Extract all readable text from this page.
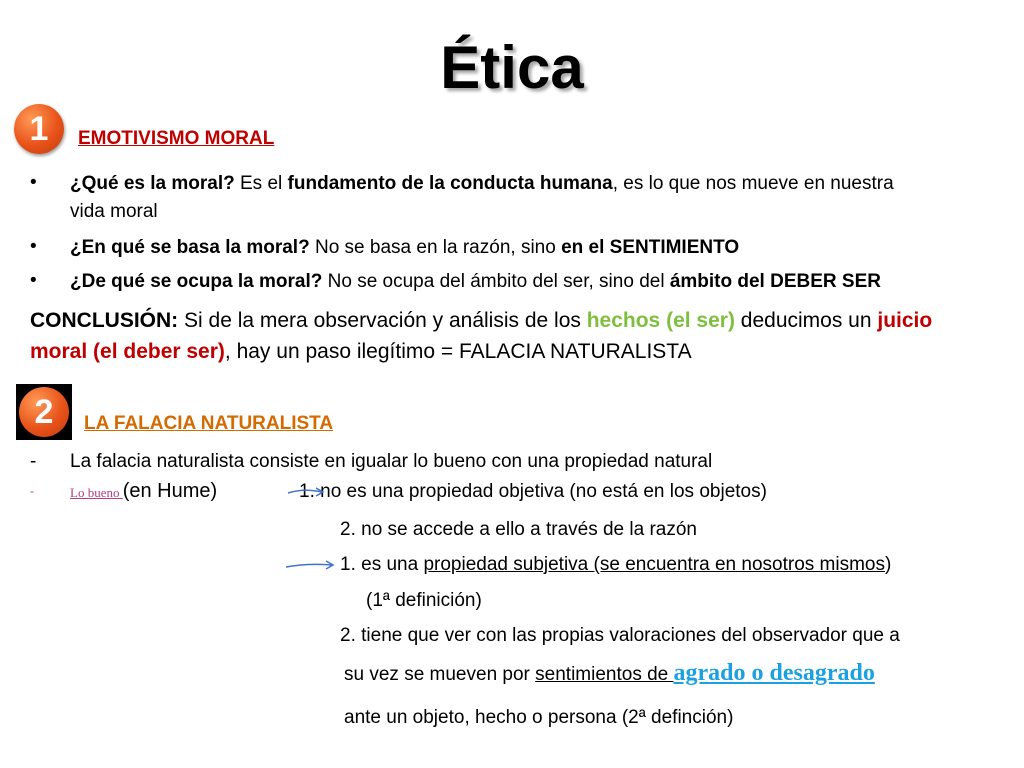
Ética
1	EMOTIVISMO MORAL
• ¿Qué es la moral? Es el fundamento de la conducta humana, es lo que nos mueve en nuestra
vida moral
• ¿En qué se basa la moral? No se basa en la razón, sino en el SENTIMIENTO
• ¿De qué se ocupa la moral? No se ocupa del ámbito del ser, sino del ámbito del DEBER SER
CONCLUSIÓN: Si de la mera observación y análisis de los hechos (el ser) deducimos un juicio
moral (el deber ser), hay un paso ilegítimo = FALACIA NATURALISTA
2	LA FALACIA NATURALISTA
- La falacia naturalista consiste en igualar lo bueno con una propiedad natural
-	Lo bueno (en Hume)	1. no es una propiedad objetiva (no está en los objetos)
2. no se accede a ello a través de la razón
1. es una propiedad subjetiva (se encuentra en nosotros mismos)
(1ª definición)
2. tiene que ver con las propias valoraciones del observador que a
su vez se mueven por sentimientos de agrado o desagrado
ante un objeto, hecho o persona (2ª definción)
